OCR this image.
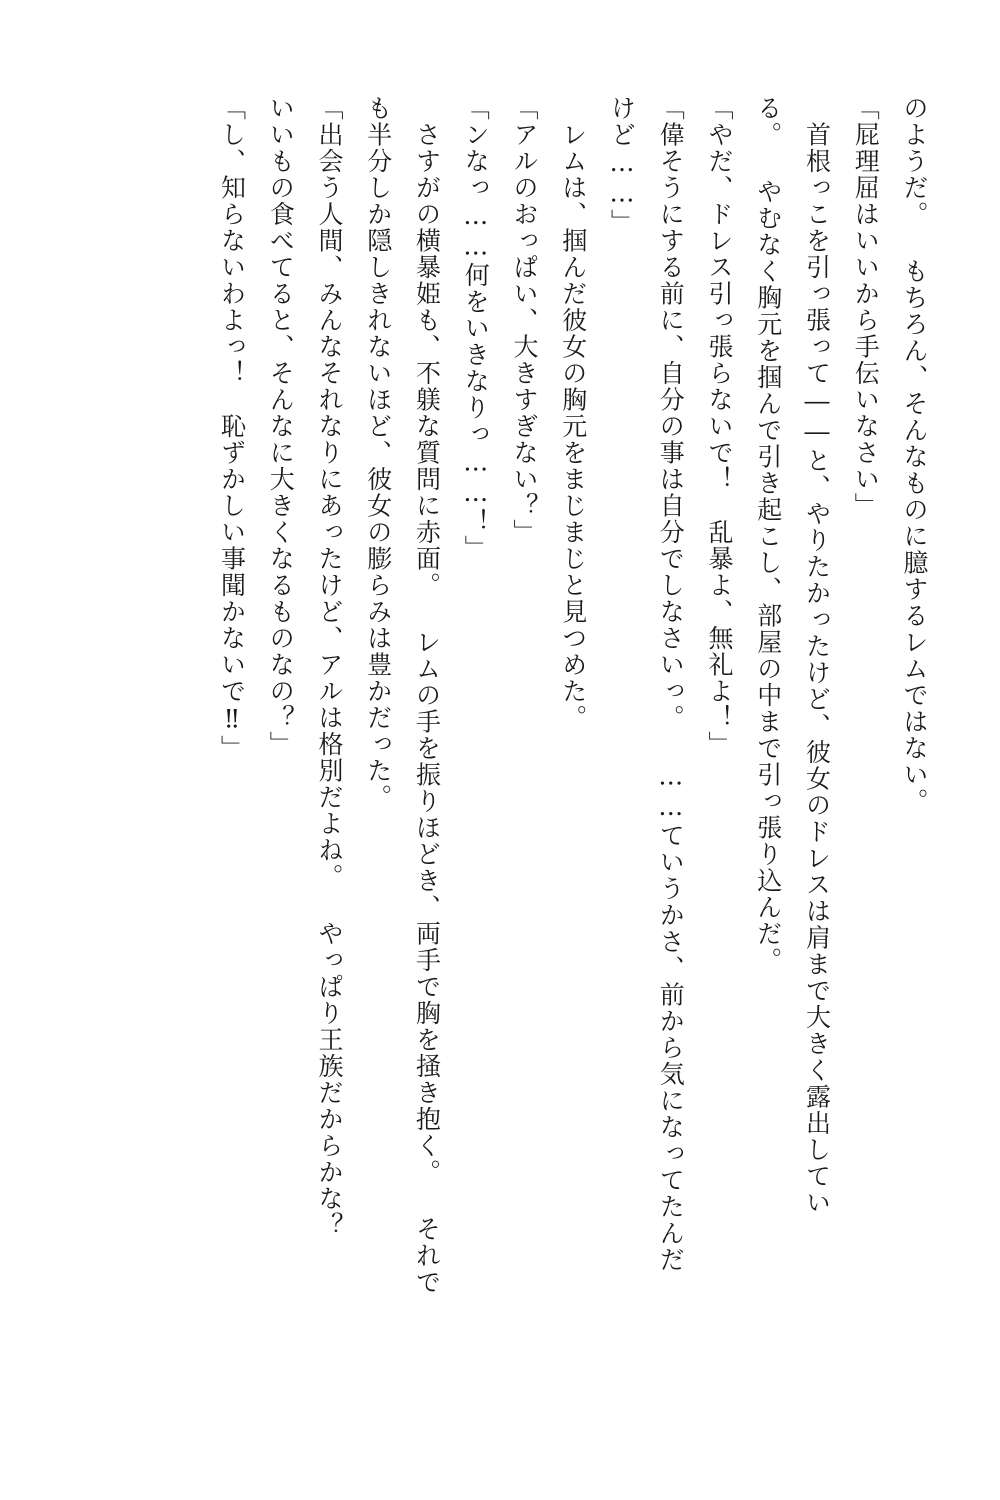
のようだ。 もちろん、そんなものに臆するレムではない。

「屁理屈はいいから手伝いなさい」

　首根っこを引っ張って――と、やりたかったけど、彼女のドレスは肩まで大きく露出してい

る。 やむなく胸元を掴んで引き起こし、部屋の中まで引っ張り込んだ。

「やだ、ドレス引っ張らないで！　乱暴よ、無礼よ！」

「偉そうにする前に、自分の事は自分でしなさいっ。 ……ていうかさ、前から気になってたんだ

けど……」

　レムは、掴んだ彼女の胸元をまじまじと見つめた。

「アルのおっぱい、大きすぎない？」

「ンなっ……何をいきなりっ……！」

　さすがの横暴姫も、不躾な質問に赤面。 レムの手を振りほどき、両手で胸を掻き抱く。 それで

も半分しか隠しきれないほど、彼女の膨らみは豊かだった。

「出会う人間、みんなそれなりにあったけど、アルは格別だよね。 やっぱり王族だからかな？

いいもの食べてると、そんなに大きくなるものなの？」

「し、知らないわよっ！　恥ずかしい事聞かないで‼」
